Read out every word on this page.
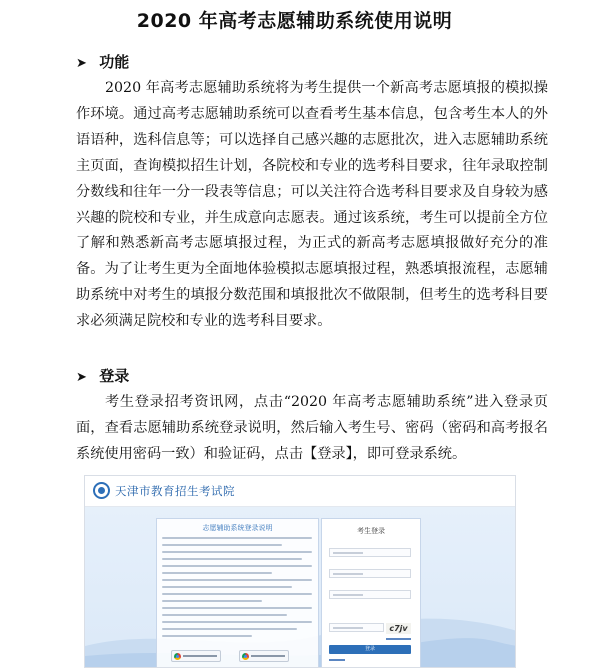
2020 年高考志愿辅助系统使用说明
➤ 功能

2020 年高考志愿辅助系统将为考生提供一个新高考志愿填报的模拟操作环境。通过高考志愿辅助系统可以查看考生基本信息，包含考生本人的外语语种，选科信息等；可以选择自己感兴趣的志愿批次，进入志愿辅助系统主页面，查询模拟招生计划，各院校和专业的选考科目要求，往年录取控制分数线和往年一分一段表等信息；可以关注符合选考科目要求及自身较为感兴趣的院校和专业，并生成意向志愿表。通过该系统，考生可以提前全方位了解和熟悉新高考志愿填报过程，为正式的新高考志愿填报做好充分的准备。为了让考生更为全面地体验模拟志愿填报过程，熟悉填报流程，志愿辅助系统中对考生的填报分数范围和填报批次不做限制，但考生的选考科目要求必须满足院校和专业的选考科目要求。

➤ 登录

考生登录招考资讯网，点击“2020 年高考志愿辅助系统”进入登录页面，查看志愿辅助系统登录说明，然后输入考生号、密码（密码和高考报名系统使用密码一致）和验证码，点击【登录】，即可登录系统。

天津市教育招生考试院
志愿辅助系统登录说明	考生登录
c7jv
登录
